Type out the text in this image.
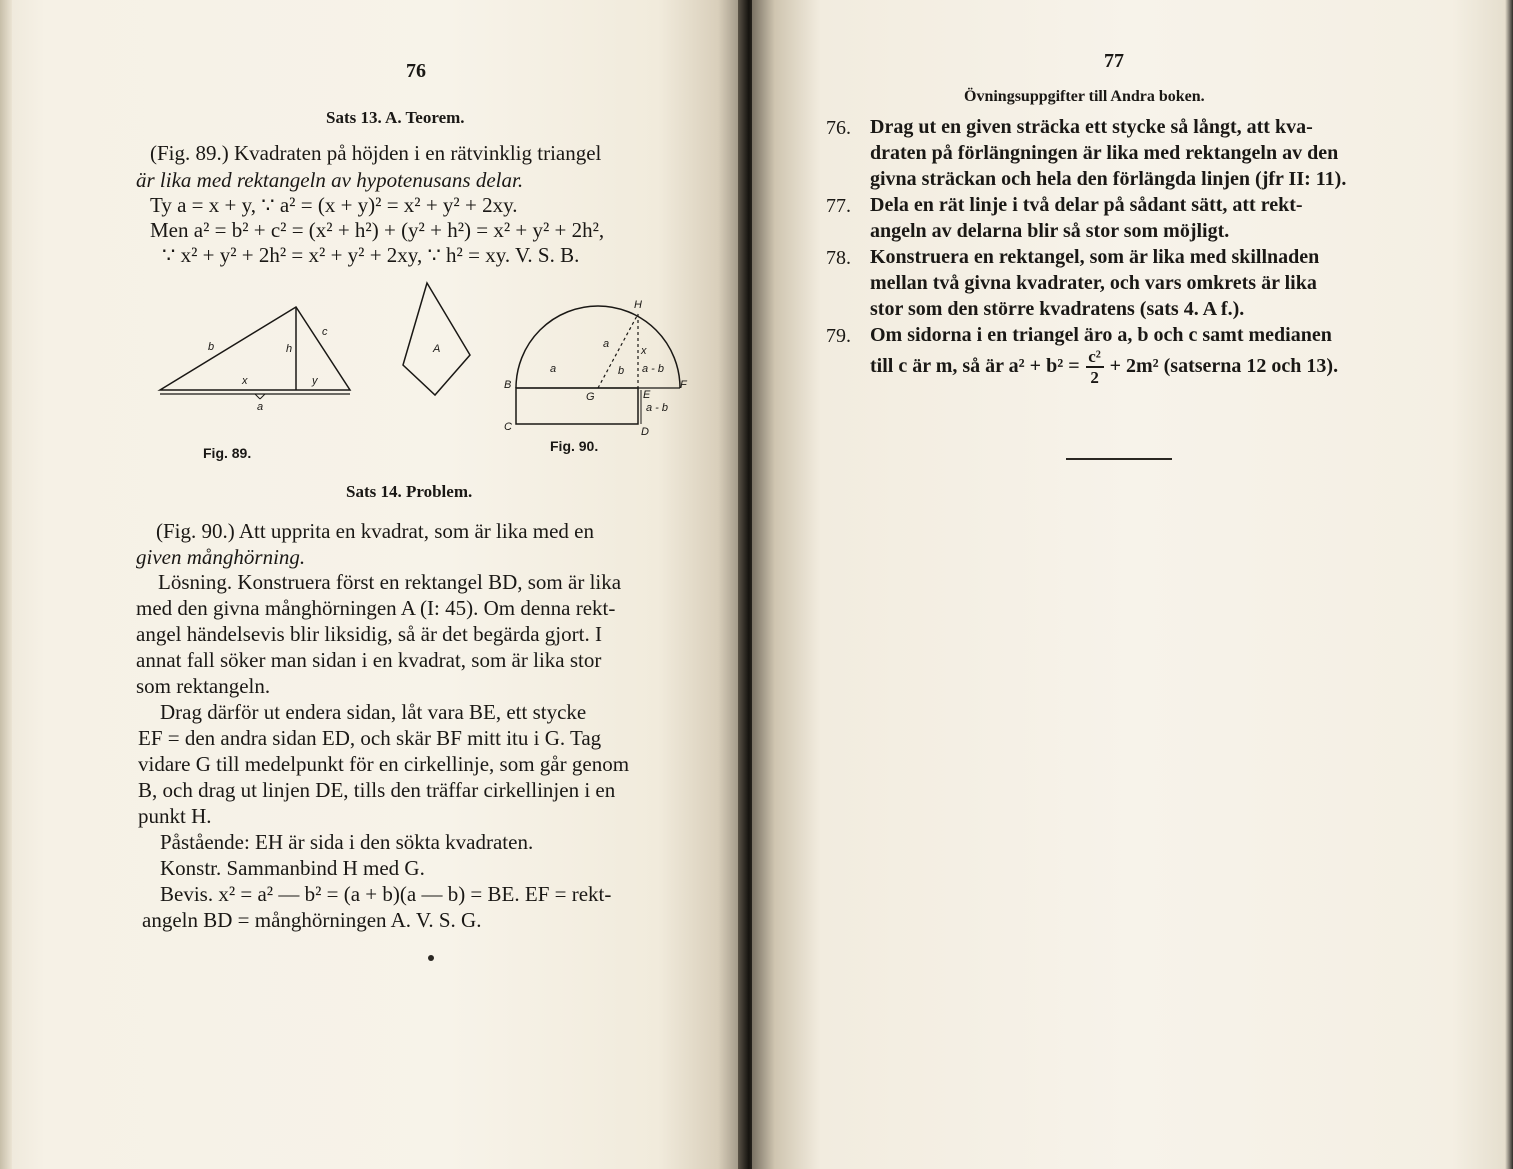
76
Sats 13. A. Teorem.
(Fig. 89.) Kvadraten på höjden i en rätvinklig triangel
är lika med rektangeln av hypotenusans delar.
Ty a = x + y, ∵ a² = (x + y)² = x² + y² + 2xy.
Men a² = b² + c² = (x² + h²) + (y² + h²) = x² + y² + 2h²,
∵ x² + y² + 2h² = x² + y² + 2xy, ∵ h² = xy. V. S. B.
b	h
c
x	y
a
Fig. 89.
A
H
a
a
x
b a - b
B
G	E
F
a - b
C	D
Fig. 90.
Sats 14. Problem.
(Fig. 90.) Att upprita en kvadrat, som är lika med en
given månghörning.
Lösning. Konstruera först en rektangel BD, som är lika
med den givna månghörningen A (I: 45). Om denna rekt-
angel händelsevis blir liksidig, så är det begärda gjort. I
annat fall söker man sidan i en kvadrat, som är lika stor
som rektangeln.
Drag därför ut endera sidan, låt vara BE, ett stycke
EF = den andra sidan ED, och skär BF mitt itu i G. Tag
vidare G till medelpunkt för en cirkellinje, som går genom
B, och drag ut linjen DE, tills den träffar cirkellinjen i en
punkt H.
Påstående: EH är sida i den sökta kvadraten.
Konstr. Sammanbind H med G.
Bevis. x² = a² — b² = (a + b)(a — b) = BE. EF = rekt-
angeln BD = månghörningen A. V. S. G.
77
Övningsuppgifter till Andra boken.
76. Drag ut en given sträcka ett stycke så långt, att kva-
draten på förlängningen är lika med rektangeln av den
givna sträckan och hela den förlängda linjen (jfr II: 11).
77. Dela en rät linje i två delar på sådant sätt, att rekt-
angeln av delarna blir så stor som möjligt.
78. Konstruera en rektangel, som är lika med skillnaden
mellan två givna kvadrater, och vars omkrets är lika
stor som den större kvadratens (sats 4. A f.).
79. Om sidorna i en triangel äro a, b och c samt medianen
till c är m, så är a² + b² = c²
2 + 2m² (satserna 12 och 13).
